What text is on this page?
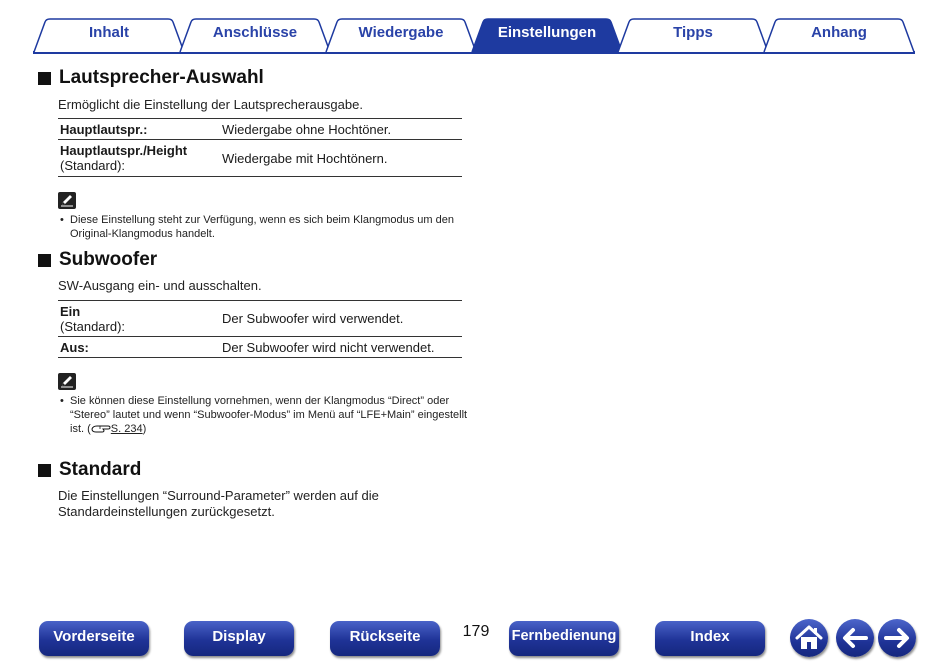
Inhalt	Anschlüsse	Wiedergabe	Einstellungen	Tipps	Anhang
Lautsprecher-Auswahl
Ermöglicht die Einstellung der Lautsprecherausgabe.
Hauptlautspr.:	Wiedergabe ohne Hochtöner.
Hauptlautspr./Height
(Standard):	Wiedergabe mit Hochtönern.
• Diese Einstellung steht zur Verfügung, wenn es sich beim Klangmodus um den Original-Klangmodus handelt.
Subwoofer
SW-Ausgang ein- und ausschalten.
Ein
(Standard):	Der Subwoofer wird verwendet.
Aus:	Der Subwoofer wird nicht verwendet.
• Sie können diese Einstellung vornehmen, wenn der Klangmodus “Direct” oder “Stereo” lautet und wenn “Subwoofer-Modus” im Menü auf “LFE+Main” eingestellt ist. ( S. 234)
Standard
Die Einstellungen “Surround-Parameter” werden auf die
Standardeinstellungen zurückgesetzt.
Vorderseite	Display	Rückseite	179	Fernbedienung	Index
